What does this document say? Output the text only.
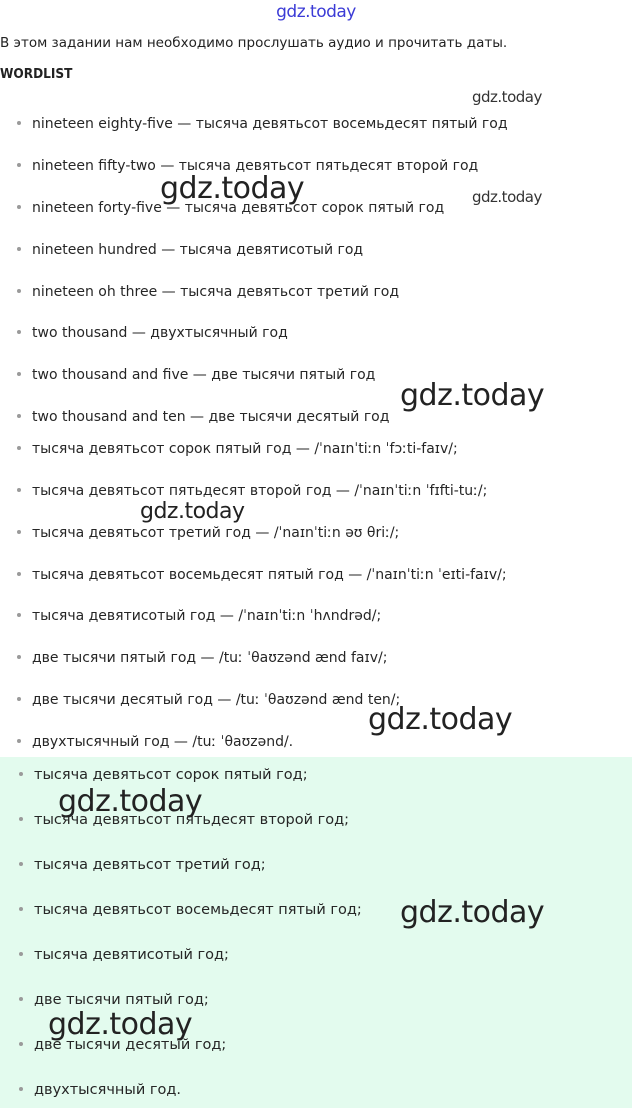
gdz.today
В этом задании нам необходимо прослушать аудио и прочитать даты.
WORDLIST
nineteen eighty-five — тысяча девятьсот восемьдесят пятый год
nineteen fifty-two — тысяча девятьсот пятьдесят второй год
nineteen forty-five — тысяча девятьсот сорок пятый год
nineteen hundred — тысяча девятисотый год
nineteen oh three — тысяча девятьсот третий год
two thousand — двухтысячный год
two thousand and five — две тысячи пятый год
two thousand and ten — две тысячи десятый год
тысяча девятьсот сорок пятый год — /ˈnaɪnˈtiːn ˈfɔːti-faɪv/;
тысяча девятьсот пятьдесят второй год — /ˈnaɪnˈtiːn ˈfɪfti-tuː/;
тысяча девятьсот третий год — /ˈnaɪnˈtiːn əʊ θriː/;
тысяча девятьсот восемьдесят пятый год — /ˈnaɪnˈtiːn ˈeɪti-faɪv/;
тысяча девятисотый год — /ˈnaɪnˈtiːn ˈhʌndrəd/;
две тысячи пятый год — /tuː ˈθaʊzənd ænd faɪv/;
две тысячи десятый год — /tuː ˈθaʊzənd ænd ten/;
двухтысячный год — /tuː ˈθaʊzənd/.
тысяча девятьсот сорок пятый год;
тысяча девятьсот пятьдесят второй год;
тысяча девятьсот третий год;
тысяча девятьсот восемьдесят пятый год;
тысяча девятисотый год;
две тысячи пятый год;
две тысячи десятый год;
двухтысячный год.
gdz.today
gdz.today	gdz.today
gdz.today
gdz.today
gdz.today
gdz.today
gdz.today
gdz.today
